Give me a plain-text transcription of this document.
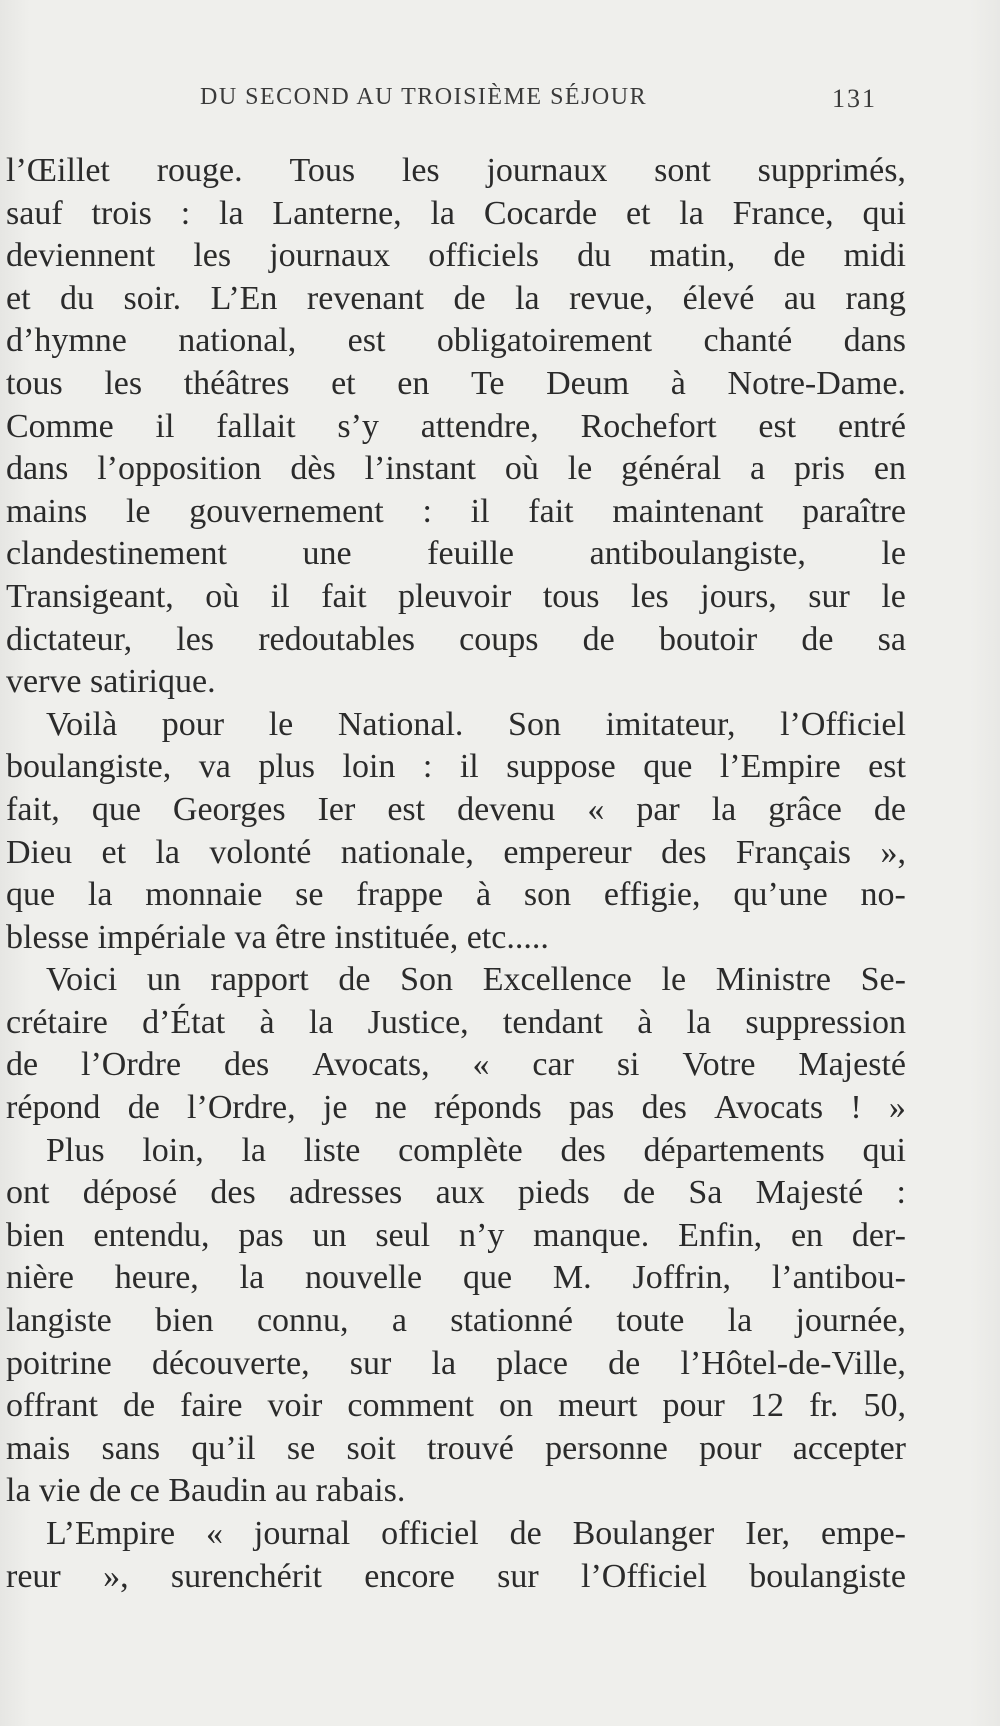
DU SECOND AU TROISIÈME SÉJOUR	131
l’Œillet rouge. Tous les journaux sont supprimés,
sauf trois : la Lanterne, la Cocarde et la France, qui
deviennent les journaux officiels du matin, de midi
et du soir. L’En revenant de la revue, élevé au rang
d’hymne national, est obligatoirement chanté dans
tous les théâtres et en Te Deum à Notre-Dame.
Comme il fallait s’y attendre, Rochefort est entré
dans l’opposition dès l’instant où le général a pris en
mains le gouvernement : il fait maintenant paraître
clandestinement une feuille antiboulangiste, le
Transigeant, où il fait pleuvoir tous les jours, sur le
dictateur, les redoutables coups de boutoir de sa
verve satirique.
Voilà pour le National. Son imitateur, l’Officiel
boulangiste, va plus loin : il suppose que l’Empire est
fait, que Georges Ier est devenu « par la grâce de
Dieu et la volonté nationale, empereur des Français »,
que la monnaie se frappe à son effigie, qu’une no-
blesse impériale va être instituée, etc.....
Voici un rapport de Son Excellence le Ministre Se-
crétaire d’État à la Justice, tendant à la suppression
de l’Ordre des Avocats, « car si Votre Majesté
répond de l’Ordre, je ne réponds pas des Avocats ! »
Plus loin, la liste complète des départements qui
ont déposé des adresses aux pieds de Sa Majesté :
bien entendu, pas un seul n’y manque. Enfin, en der-
nière heure, la nouvelle que M. Joffrin, l’antibou-
langiste bien connu, a stationné toute la journée,
poitrine découverte, sur la place de l’Hôtel-de-Ville,
offrant de faire voir comment on meurt pour 12 fr. 50,
mais sans qu’il se soit trouvé personne pour accepter
la vie de ce Baudin au rabais.
L’Empire « journal officiel de Boulanger Ier, empe-
reur », surenchérit encore sur l’Officiel boulangiste
